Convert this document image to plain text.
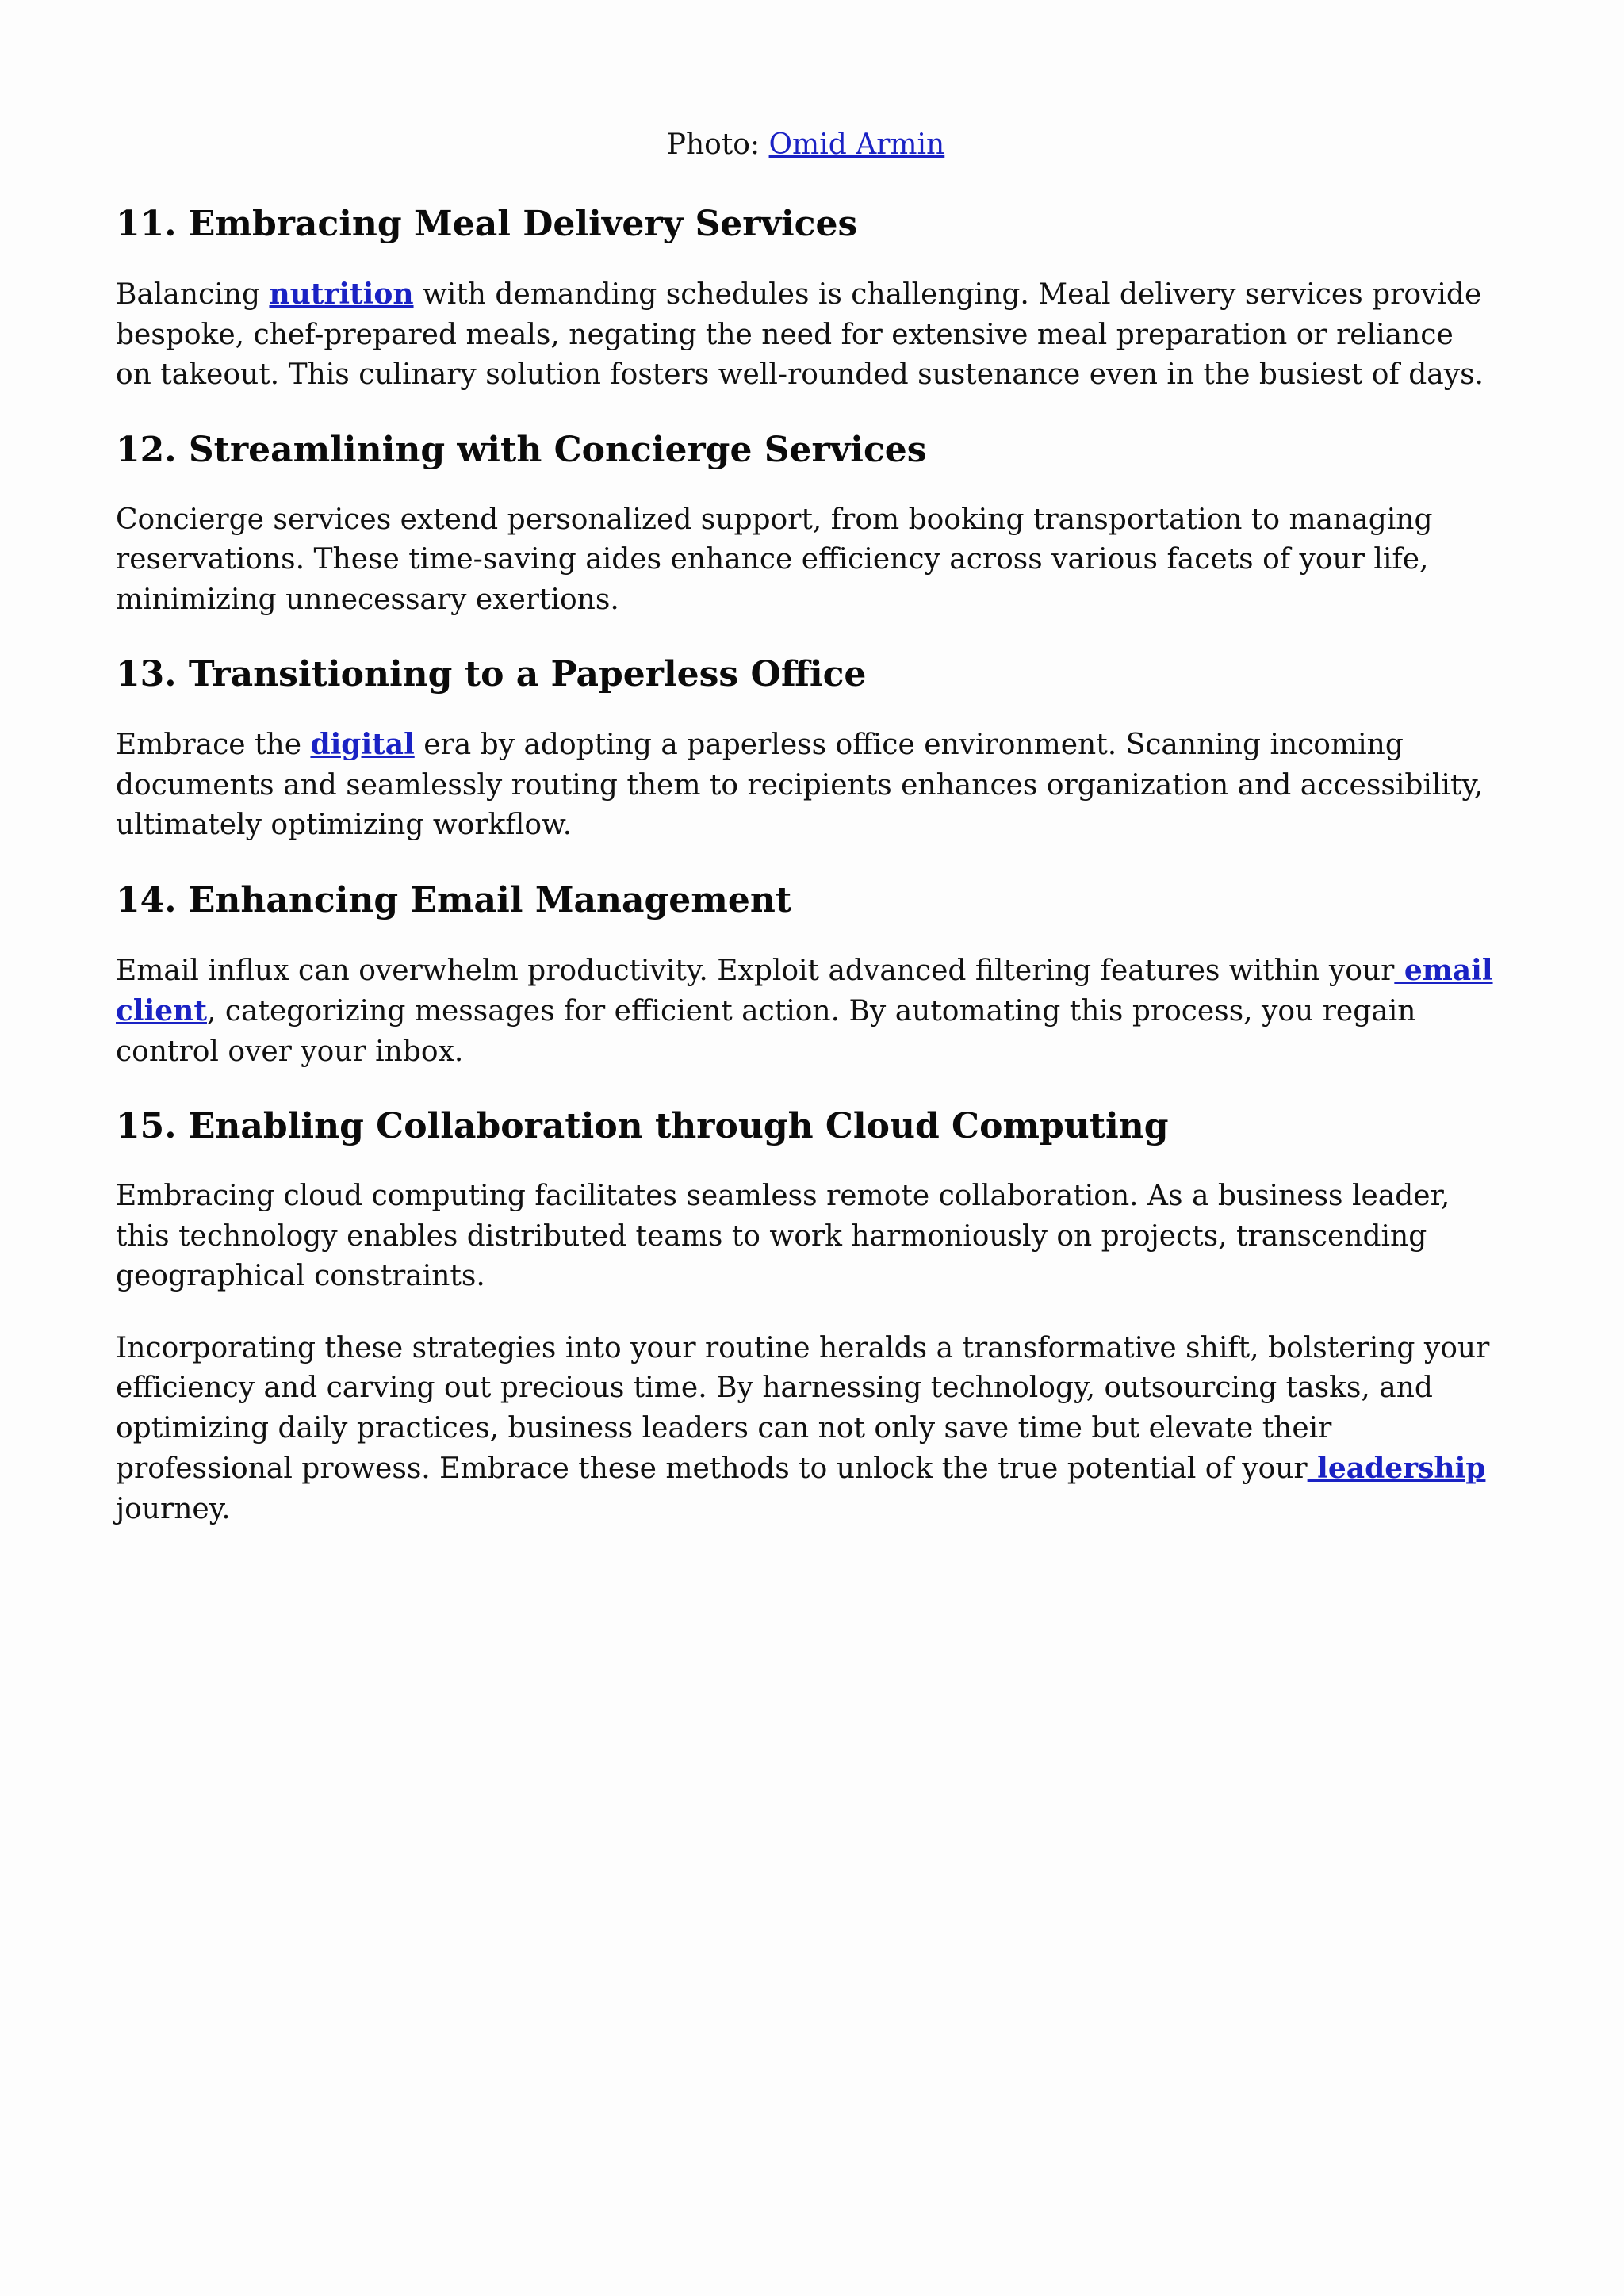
Photo: Omid Armin
11. Embracing Meal Delivery Services

Balancing nutrition with demanding schedules is challenging. Meal delivery services provide bespoke, chef-prepared meals, negating the need for extensive meal preparation or reliance on takeout. This culinary solution fosters well-rounded sustenance even in the busiest of days.

12. Streamlining with Concierge Services

Concierge services extend personalized support, from booking transportation to managing reservations. These time-saving aides enhance efficiency across various facets of your life, minimizing unnecessary exertions.

13. Transitioning to a Paperless Office

Embrace the digital era by adopting a paperless office environment. Scanning incoming documents and seamlessly routing them to recipients enhances organization and accessibility, ultimately optimizing workflow.

14. Enhancing Email Management

Email influx can overwhelm productivity. Exploit advanced filtering features within your email client, categorizing messages for efficient action. By automating this process, you regain control over your inbox.

15. Enabling Collaboration through Cloud Computing

Embracing cloud computing facilitates seamless remote collaboration. As a business leader, this technology enables distributed teams to work harmoniously on projects, transcending geographical constraints.

Incorporating these strategies into your routine heralds a transformative shift, bolstering your efficiency and carving out precious time. By harnessing technology, outsourcing tasks, and optimizing daily practices, business leaders can not only save time but elevate their professional prowess. Embrace these methods to unlock the true potential of your leadership journey.
